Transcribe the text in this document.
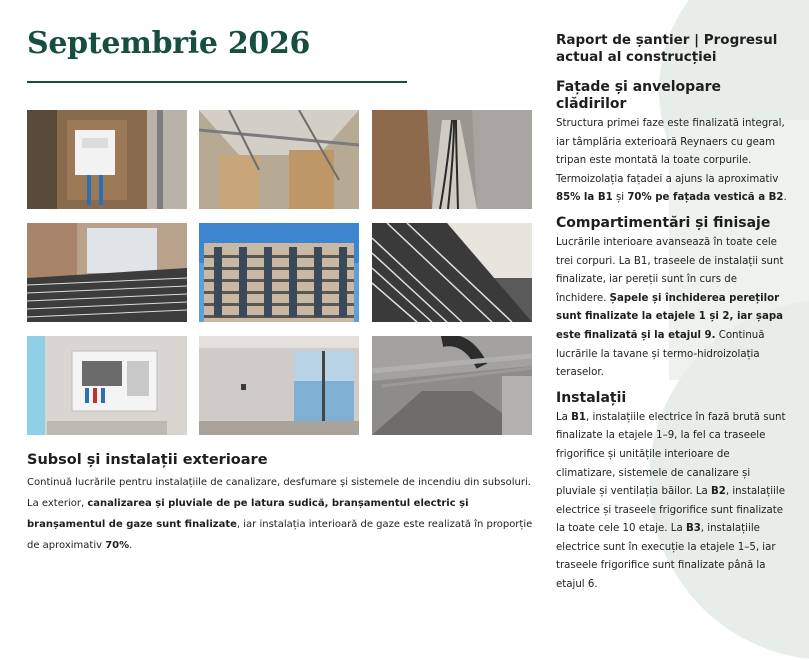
Septembrie 2026
Subsol și instalații exterioare

Continuă lucrările pentru instalațiile de canalizare, desfumare și sistemele de incendiu din subsoluri.
La exterior, canalizarea și pluviale de pe latura sudică, branșamentul electric și branșamentul de gaze sunt finalizate, iar instalația interioară de gaze este realizată în proporție de aproximativ 70%.

Raport de șantier | Progresul actual al construcției
Fațade și anvelopare clădirilor

Structura primei faze este finalizată integral, iar tâmplăria exterioară Reynaers cu geam tripan este montată la toate corpurile. Termoizolația fațadei a ajuns la aproximativ 85% la B1 și 70% pe fațada vestică a B2.

Compartimentări și finisaje

Lucrările interioare avansează în toate cele trei corpuri. La B1, traseele de instalații sunt finalizate, iar pereții sunt în curs de închidere. Șapele și închiderea pereților sunt finalizate la etajele 1 și 2, iar șapa este finalizată și la etajul 9. Continuă lucrările la tavane și termo-hidroizolația teraselor.

Instalații

La B1, instalațiile electrice în fază brută sunt finalizate la etajele 1–9, la fel ca traseele frigorifice și unitățile interioare de climatizare, sistemele de canalizare și pluviale și ventilația băilor. La B2, instalațiile electrice și traseele frigorifice sunt finalizate la toate cele 10 etaje. La B3, instalațiile electrice sunt în execuție la etajele 1–5, iar traseele frigorifice sunt finalizate până la etajul 6.
